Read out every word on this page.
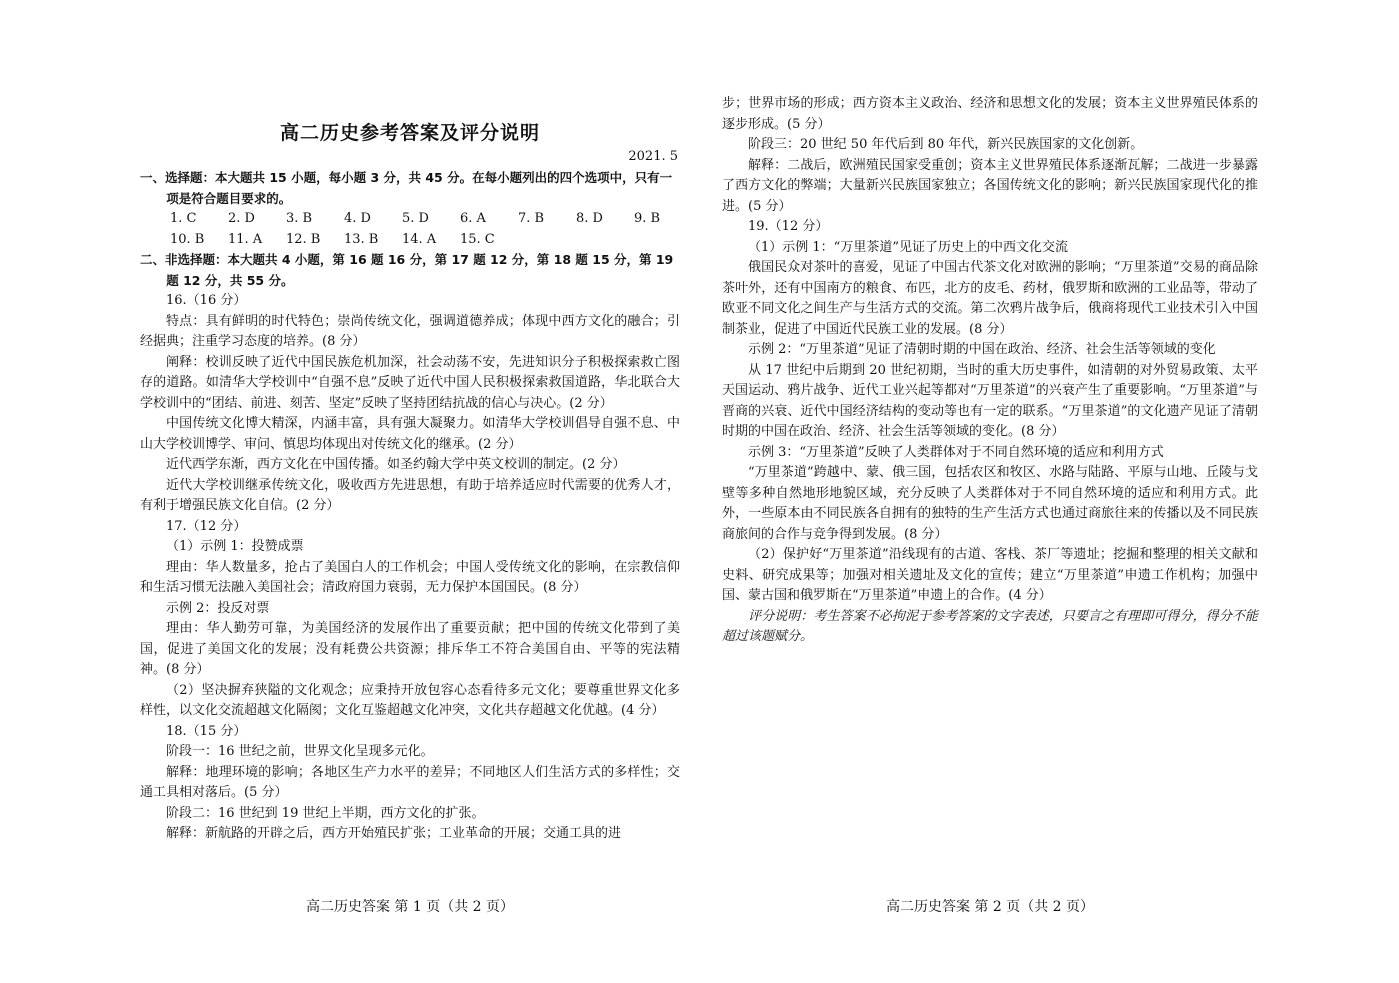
高二历史参考答案及评分说明
2021. 5

一、选择题：本大题共 15 小题，每小题 3 分，共 45 分。在每小题列出的四个选项中，只有一项是符合题目要求的。

1. C 2. D 3. B 4. D 5. D 6. A 7. B 8. D 9. B
10. B 11. A 12. B 13. B 14. A 15. C

二、非选择题：本大题共 4 小题，第 16 题 16 分，第 17 题 12 分，第 18 题 15 分，第 19 题 12 分，共 55 分。

16.（16 分）

特点：具有鲜明的时代特色；崇尚传统文化，强调道德养成；体现中西方文化的融合；引经据典；注重学习态度的培养。(8 分）

阐释：校训反映了近代中国民族危机加深，社会动荡不安，先进知识分子积极探索救亡图存的道路。如清华大学校训中“自强不息”反映了近代中国人民积极探索救国道路，华北联合大学校训中的“团结、前进、刻苦、坚定”反映了坚持团结抗战的信心与决心。(2 分）

中国传统文化博大精深，内涵丰富，具有强大凝聚力。如清华大学校训倡导自强不息、中山大学校训博学、审问、慎思均体现出对传统文化的继承。(2 分）

近代西学东渐，西方文化在中国传播。如圣约翰大学中英文校训的制定。(2 分）

近代大学校训继承传统文化，吸收西方先进思想，有助于培养适应时代需要的优秀人才，有利于增强民族文化自信。(2 分）

17.（12 分）

（1）示例 1：投赞成票

理由：华人数量多，抢占了美国白人的工作机会；中国人受传统文化的影响，在宗教信仰和生活习惯无法融入美国社会；清政府国力衰弱，无力保护本国国民。(8 分）

示例 2：投反对票

理由：华人勤劳可靠，为美国经济的发展作出了重要贡献；把中国的传统文化带到了美国，促进了美国文化的发展；没有耗费公共资源；排斥华工不符合美国自由、平等的宪法精神。(8 分）

（2）坚决摒弃狭隘的文化观念；应秉持开放包容心态看待多元文化；要尊重世界文化多样性，以文化交流超越文化隔阂；文化互鉴超越文化冲突，文化共存超越文化优越。(4 分）

18.（15 分）

阶段一：16 世纪之前，世界文化呈现多元化。

解释：地理环境的影响；各地区生产力水平的差异；不同地区人们生活方式的多样性；交通工具相对落后。(5 分）

阶段二：16 世纪到 19 世纪上半期，西方文化的扩张。

解释：新航路的开辟之后，西方开始殖民扩张；工业革命的开展；交通工具的进

高二历史答案 第 1 页（共 2 页）

步；世界市场的形成；西方资本主义政治、经济和思想文化的发展；资本主义世界殖民体系的逐步形成。(5 分）

阶段三：20 世纪 50 年代后到 80 年代，新兴民族国家的文化创新。

解释：二战后，欧洲殖民国家受重创；资本主义世界殖民体系逐渐瓦解；二战进一步暴露了西方文化的弊端；大量新兴民族国家独立；各国传统文化的影响；新兴民族国家现代化的推进。(5 分）

19.（12 分）

（1）示例 1：“万里茶道”见证了历史上的中西文化交流

俄国民众对茶叶的喜爱，见证了中国古代茶文化对欧洲的影响；“万里茶道”交易的商品除茶叶外，还有中国南方的粮食、布匹，北方的皮毛、药材，俄罗斯和欧洲的工业品等，带动了欧亚不同文化之间生产与生活方式的交流。第二次鸦片战争后，俄商将现代工业技术引入中国制茶业，促进了中国近代民族工业的发展。(8 分）

示例 2：“万里茶道”见证了清朝时期的中国在政治、经济、社会生活等领域的变化

从 17 世纪中后期到 20 世纪初期，当时的重大历史事件，如清朝的对外贸易政策、太平天国运动、鸦片战争、近代工业兴起等都对“万里茶道”的兴衰产生了重要影响。“万里茶道”与晋商的兴衰、近代中国经济结构的变动等也有一定的联系。“万里茶道”的文化遗产见证了清朝时期的中国在政治、经济、社会生活等领域的变化。(8 分）

示例 3：“万里茶道”反映了人类群体对于不同自然环境的适应和利用方式

“万里茶道”跨越中、蒙、俄三国，包括农区和牧区、水路与陆路、平原与山地、丘陵与戈壁等多种自然地形地貌区域，充分反映了人类群体对于不同自然环境的适应和利用方式。此外，一些原本由不同民族各自拥有的独特的生产生活方式也通过商旅往来的传播以及不同民族商旅间的合作与竞争得到发展。(8 分）

（2）保护好“万里茶道”沿线现有的古道、客栈、茶厂等遗址；挖掘和整理的相关文献和史料、研究成果等；加强对相关遗址及文化的宣传；建立“万里茶道”申遗工作机构；加强中国、蒙古国和俄罗斯在“万里茶道”申遗上的合作。(4 分）

评分说明：考生答案不必拘泥于参考答案的文字表述，只要言之有理即可得分，得分不能超过该题赋分。

高二历史答案 第 2 页（共 2 页）
